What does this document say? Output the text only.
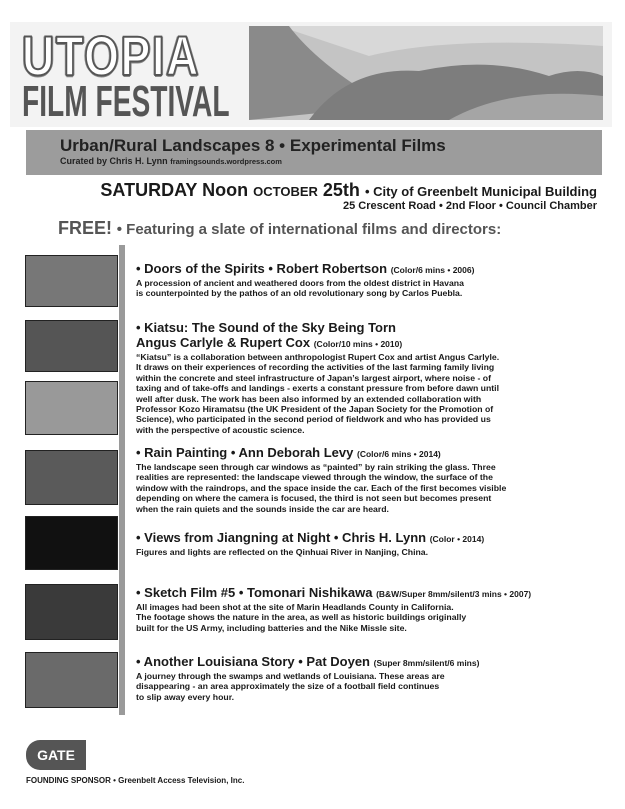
UTOPIA
FILM FESTIVAL
Urban/Rural Landscapes 8 • Experimental Films
Curated by Chris H. Lynn framingsounds.wordpress.com
SATURDAY Noon OCTOBER 25th • City of Greenbelt Municipal Building
25 Crescent Road • 2nd Floor • Council Chamber
FREE! • Featuring a slate of international films and directors:
• Doors of the Spirits • Robert Robertson (Color/6 mins • 2006)
A procession of ancient and weathered doors from the oldest district in Havana
is counterpointed by the pathos of an old revolutionary song by Carlos Puebla.
• Kiatsu: The Sound of the Sky Being Torn
Angus Carlyle & Rupert Cox (Color/10 mins • 2010)
“Kiatsu” is a collaboration between anthropologist Rupert Cox and artist Angus Carlyle.
It draws on their experiences of recording the activities of the last farming family living
within the concrete and steel infrastructure of Japan’s largest airport, where noise - of
taxing and of take-offs and landings - exerts a constant pressure from before dawn until
well after dusk. The work has been also informed by an extended collaboration with
Professor Kozo Hiramatsu (the UK President of the Japan Society for the Promotion of
Science), who participated in the second period of fieldwork and who has provided us
with the perspective of acoustic science.
• Rain Painting • Ann Deborah Levy (Color/6 mins • 2014)
The landscape seen through car windows as “painted” by rain striking the glass. Three
realities are represented: the landscape viewed through the window, the surface of the
window with the raindrops, and the space inside the car. Each of the first becomes visible
depending on where the camera is focused, the third is not seen but becomes present
when the rain quiets and the sounds inside the car are heard.
• Views from Jiangning at Night • Chris H. Lynn (Color • 2014)
Figures and lights are reflected on the Qinhuai River in Nanjing, China.
• Sketch Film #5 • Tomonari Nishikawa (B&W/Super 8mm/silent/3 mins • 2007)
All images had been shot at the site of Marin Headlands County in California.
The footage shows the nature in the area, as well as historic buildings originally
built for the US Army, including batteries and the Nike Missle site.
• Another Louisiana Story • Pat Doyen (Super 8mm/silent/6 mins)
A journey through the swamps and wetlands of Louisiana. These areas are
disappearing - an area approximately the size of a football field continues
to slip away every hour.
GATE
FOUNDING SPONSOR • Greenbelt Access Television, Inc.
